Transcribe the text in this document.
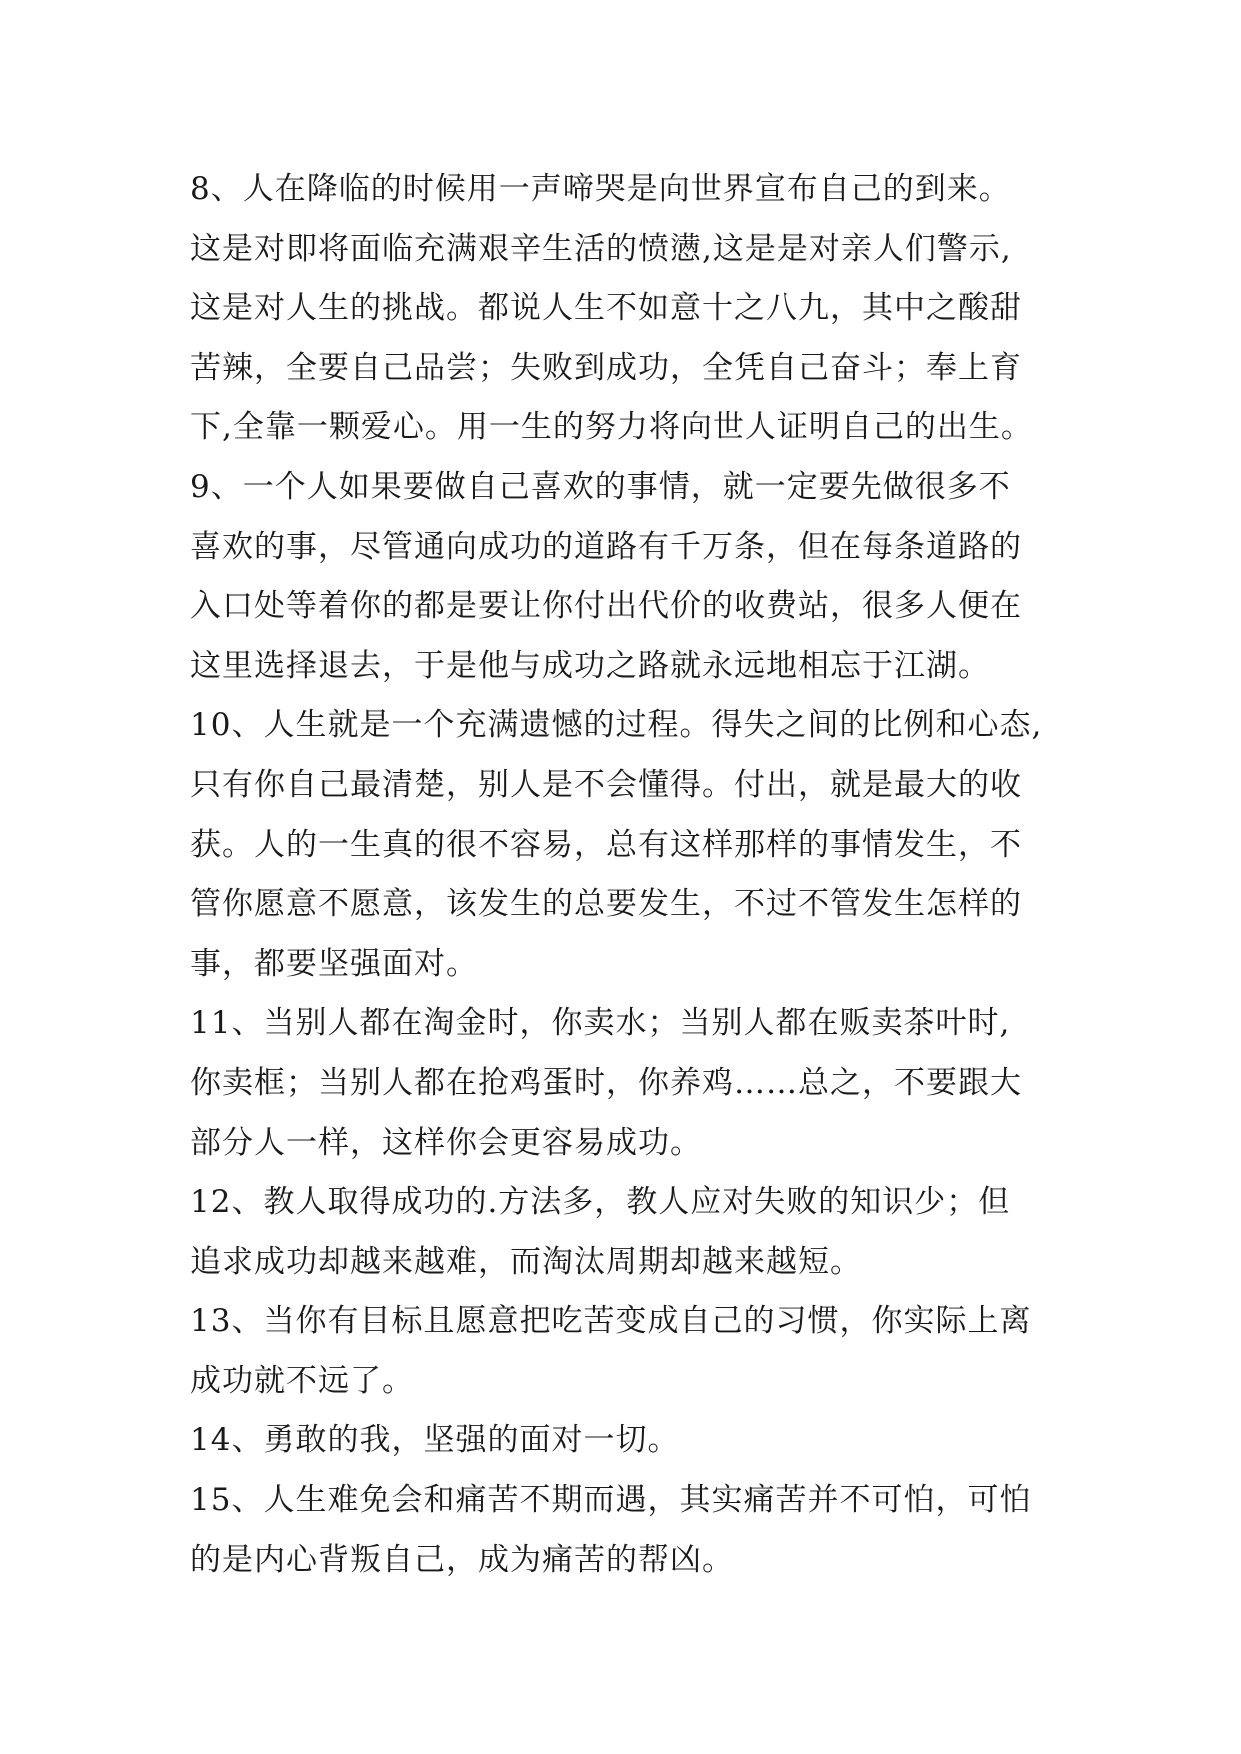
8、人在降临的时候用一声啼哭是向世界宣布自己的到来。
这是对即将面临充满艰辛生活的愤懑,这是是对亲人们警示,
这是对人生的挑战。都说人生不如意十之八九，其中之酸甜
苦辣，全要自己品尝；失败到成功，全凭自己奋斗；奉上育
下,全靠一颗爱心。用一生的努力将向世人证明自己的出生。
9、一个人如果要做自己喜欢的事情，就一定要先做很多不
喜欢的事，尽管通向成功的道路有千万条，但在每条道路的
入口处等着你的都是要让你付出代价的收费站，很多人便在
这里选择退去，于是他与成功之路就永远地相忘于江湖。
10、人生就是一个充满遗憾的过程。得失之间的比例和心态,
只有你自己最清楚，别人是不会懂得。付出，就是最大的收
获。人的一生真的很不容易，总有这样那样的事情发生，不
管你愿意不愿意，该发生的总要发生，不过不管发生怎样的
事，都要坚强面对。
11、当别人都在淘金时，你卖水；当别人都在贩卖茶叶时,
你卖框；当别人都在抢鸡蛋时，你养鸡……总之，不要跟大
部分人一样，这样你会更容易成功。
12、教人取得成功的.方法多，教人应对失败的知识少；但
追求成功却越来越难，而淘汰周期却越来越短。
13、当你有目标且愿意把吃苦变成自己的习惯，你实际上离
成功就不远了。
14、勇敢的我，坚强的面对一切。
15、人生难免会和痛苦不期而遇，其实痛苦并不可怕，可怕
的是内心背叛自己，成为痛苦的帮凶。
